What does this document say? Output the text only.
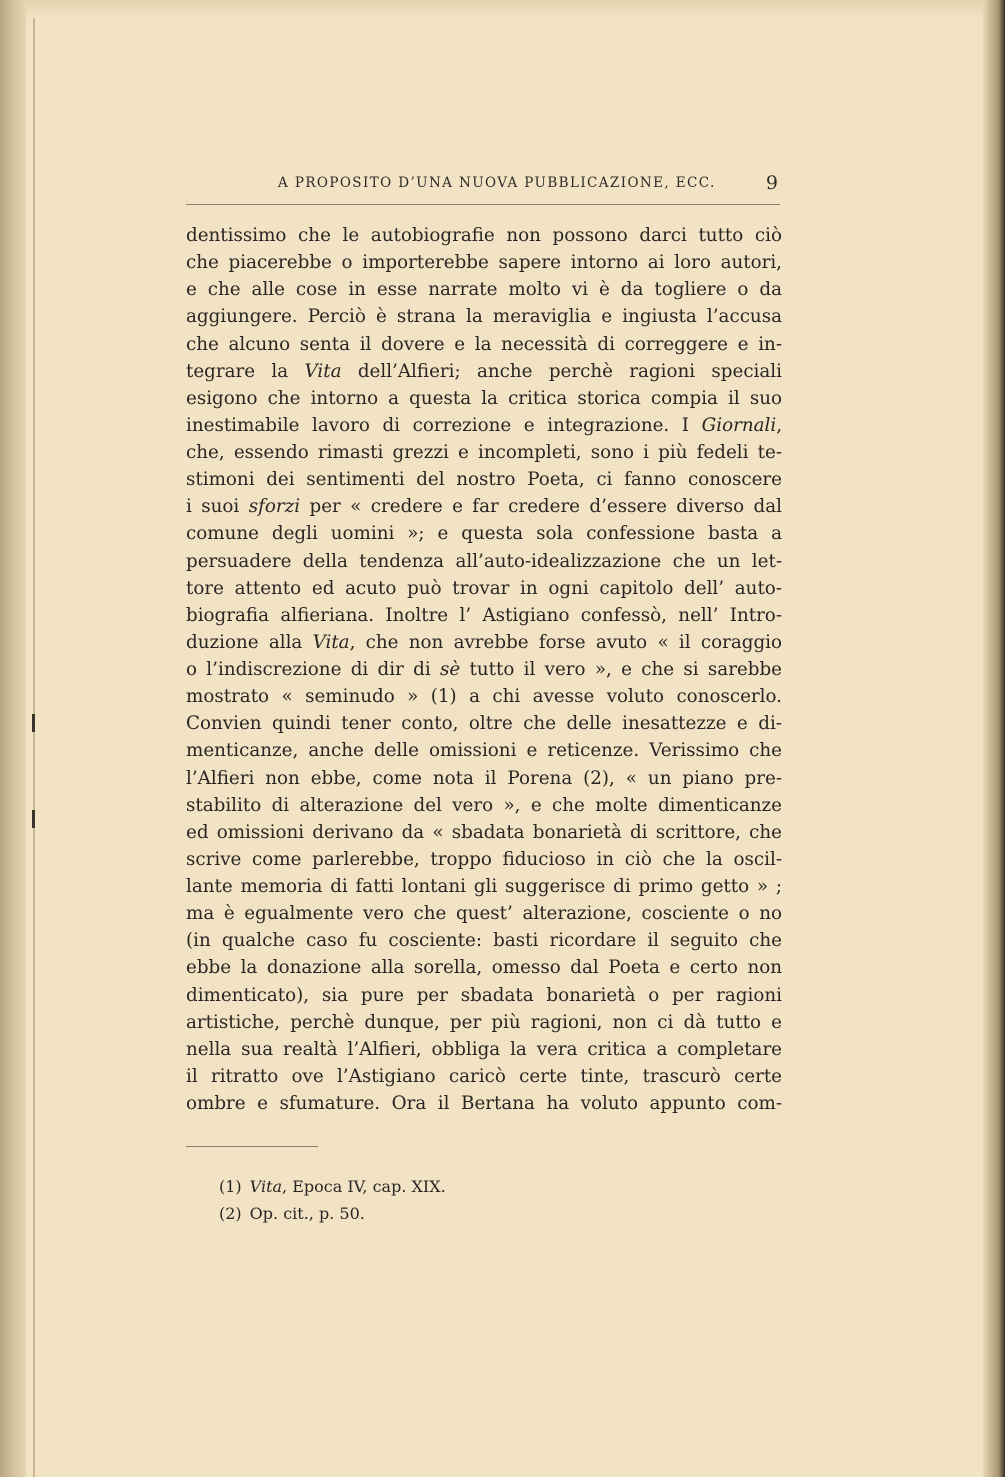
A PROPOSITO D’UNA NUOVA PUBBLICAZIONE, ECC.	9
dentissimo che le autobiografie non possono darci tutto ciò
che piacerebbe o importerebbe sapere intorno ai loro autori,
e che alle cose in esse narrate molto vi è da togliere o da
aggiungere. Perciò è strana la meraviglia e ingiusta l’accusa
che alcuno senta il dovere e la necessità di correggere e in-
tegrare la Vita dell’Alfieri; anche perchè ragioni speciali
esigono che intorno a questa la critica storica compia il suo
inestimabile lavoro di correzione e integrazione. I Giornali,
che, essendo rimasti grezzi e incompleti, sono i più fedeli te-
stimoni dei sentimenti del nostro Poeta, ci fanno conoscere
i suoi sforzi per « credere e far credere d’essere diverso dal
comune degli uomini »; e questa sola confessione basta a
persuadere della tendenza all’auto-idealizzazione che un let-
tore attento ed acuto può trovar in ogni capitolo dell’ auto-
biografia alfieriana. Inoltre l’ Astigiano confessò, nell’ Intro-
duzione alla Vita, che non avrebbe forse avuto « il coraggio
o l’indiscrezione di dir di sè tutto il vero », e che si sarebbe
mostrato « seminudo » (1) a chi avesse voluto conoscerlo.
Convien quindi tener conto, oltre che delle inesattezze e di-
menticanze, anche delle omissioni e reticenze. Verissimo che
l’Alfieri non ebbe, come nota il Porena (2), « un piano pre-
stabilito di alterazione del vero », e che molte dimenticanze
ed omissioni derivano da « sbadata bonarietà di scrittore, che
scrive come parlerebbe, troppo fiducioso in ciò che la oscil-
lante memoria di fatti lontani gli suggerisce di primo getto » ;
ma è egualmente vero che quest’ alterazione, cosciente o no
(in qualche caso fu cosciente: basti ricordare il seguito che
ebbe la donazione alla sorella, omesso dal Poeta e certo non
dimenticato), sia pure per sbadata bonarietà o per ragioni
artistiche, perchè dunque, per più ragioni, non ci dà tutto e
nella sua realtà l’Alfieri, obbliga la vera critica a completare
il ritratto ove l’Astigiano caricò certe tinte, trascurò certe
ombre e sfumature. Ora il Bertana ha voluto appunto com-
(1) Vita, Epoca IV, cap. XIX.
(2) Op. cit., p. 50.
